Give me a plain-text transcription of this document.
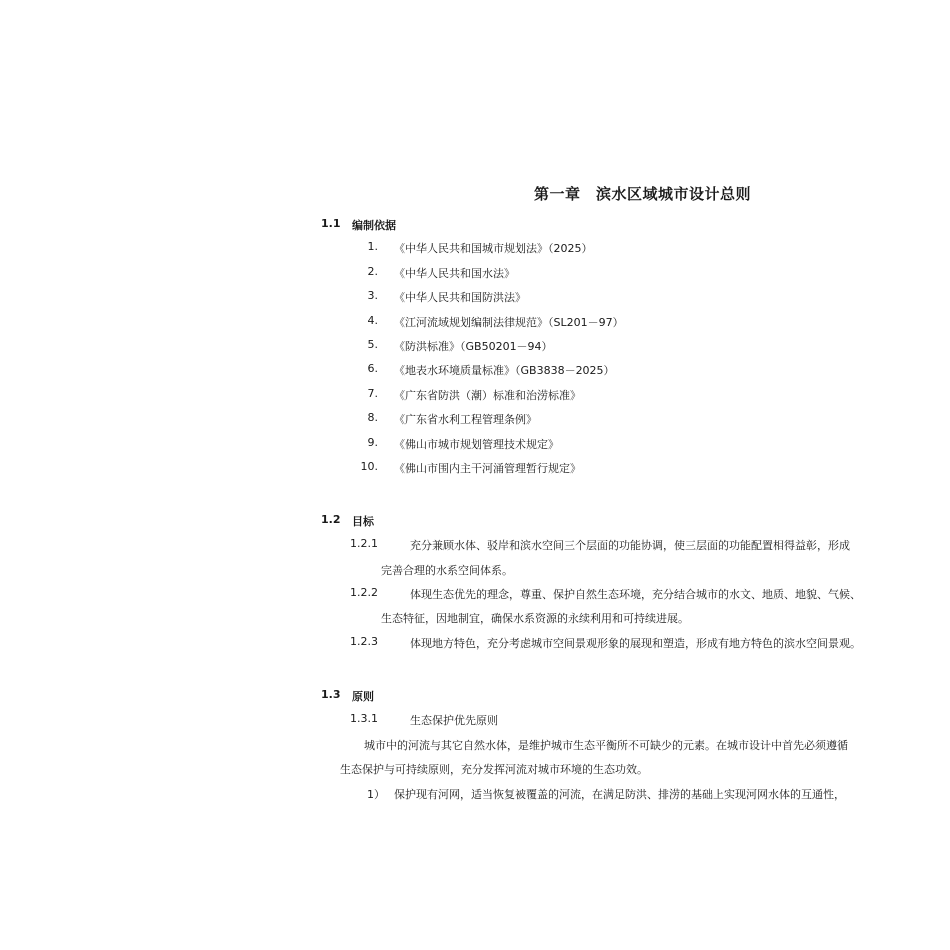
第一章　滨水区域城市设计总则
1.1 编制依据
1. 《中华人民共和国城市规划法》（2025）
2. 《中华人民共和国水法》
3. 《中华人民共和国防洪法》
4. 《江河流域规划编制法律规范》（SL201－97）
5. 《防洪标准》（GB50201－94）
6. 《地表水环境质量标准》（GB3838－2025）
7. 《广东省防洪（潮）标准和治涝标准》
8. 《广东省水利工程管理条例》
9. 《佛山市城市规划管理技术规定》
10. 《佛山市围内主干河涌管理暂行规定》
1.2 目标
1.2.1	充分兼顾水体、驳岸和滨水空间三个层面的功能协调，使三层面的功能配置相得益彰，形成
完善合理的水系空间体系。
1.2.2	体现生态优先的理念，尊重、保护自然生态环境，充分结合城市的水文、地质、地貌、气候、
生态特征，因地制宜，确保水系资源的永续利用和可持续进展。
1.2.3	体现地方特色，充分考虑城市空间景观形象的展现和塑造，形成有地方特色的滨水空间景观。
1.3 原则
1.3.1	生态保护优先原则
城市中的河流与其它自然水体，是维护城市生态平衡所不可缺少的元素。在城市设计中首先必须遵循
生态保护与可持续原则，充分发挥河流对城市环境的生态功效。
1） 保护现有河网，适当恢复被覆盖的河流，在满足防洪、排涝的基础上实现河网水体的互通性，
